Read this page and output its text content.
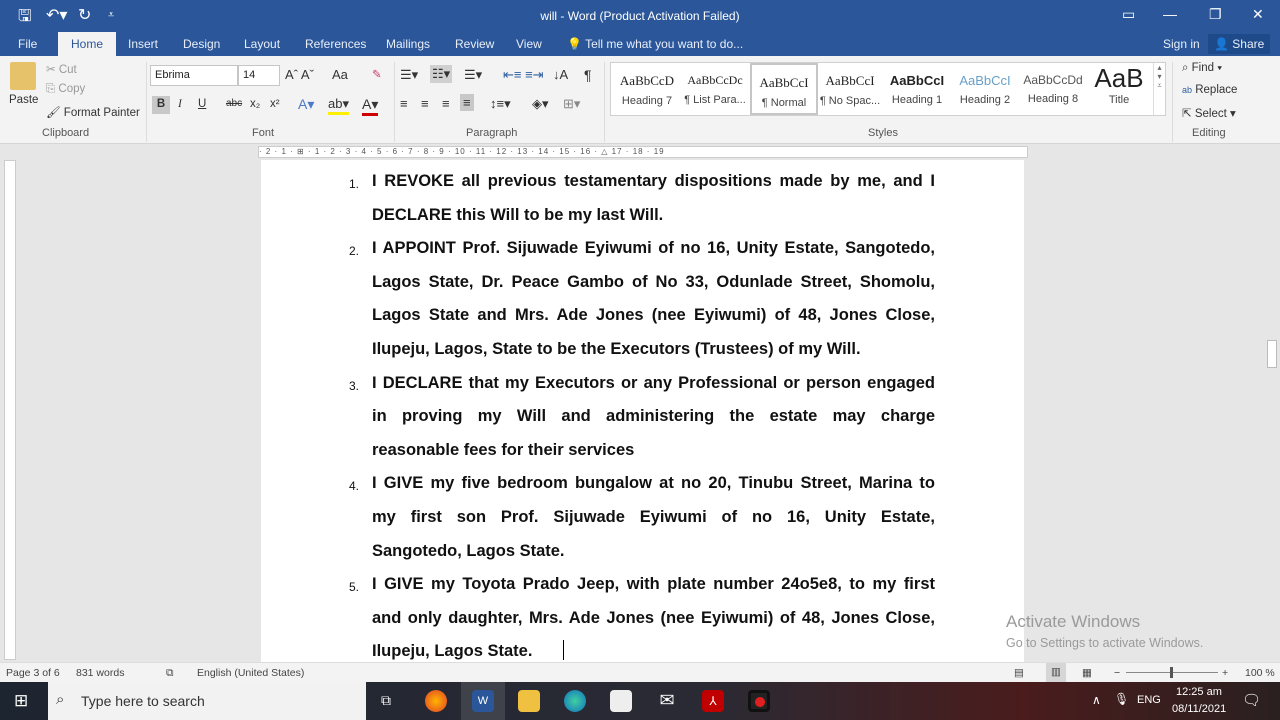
🖫 ↶▾ ↻ ⩡	will - Word (Product Activation Failed)	▭ — ❐ ✕
File	Home	Insert Design Layout References Mailings Review View 💡 Tell me what you want to do...	Sign in	👤 Share
Paste
✂ Cut
⎘ Copy
🖌 Format Painter
Clipboard
Ebrima	14	Aˆ Aˇ Aa ✎
B	I U abc x₂ x² A▾ ab▾ A▾
Font
☰▾ ☷▾ ☰▾ ⇤≡ ≡⇥ ↓A ¶
≡ ≡ ≡ ≡ ↕≡▾ ◈▾ ⊞▾
Paragraph	Styles
⌕ Find ▾
ab Replace
⇱ Select ▾
Editing
AaBbCcD
Heading 7
AaBbCcDc
¶ List Para...
AaBbCcI
¶ Normal
AaBbCcI
¶ No Spac...
AaBbCcI
Heading 1
AaBbCcI
Heading 2
AaBbCcDd
Heading 8
AaB
Title
▴
▾
⩡
· 2 · 1 · ⊞ · 1 · 2 · 3 · 4 · 5 · 6 · 7 · 8 · 9 · 10 · 11 · 12 · 13 · 14 · 15 · 16 · △ 17 · 18 · 19
1. I REVOKE all previous testamentary dispositions made by me, and I
DECLARE this Will to be my last Will.
2. I APPOINT Prof. Sijuwade Eyiwumi of no 16, Unity Estate, Sangotedo,
Lagos State, Dr. Peace Gambo of No 33, Odunlade Street, Shomolu,
Lagos State and Mrs. Ade Jones (nee Eyiwumi) of 48, Jones Close,
Ilupeju, Lagos, State to be the Executors (Trustees) of my Will.
3. I DECLARE that my Executors or any Professional or person engaged
in proving my Will and administering the estate may charge
reasonable fees for their services
4. I GIVE my five bedroom bungalow at no 20, Tinubu Street, Marina to
my first son Prof. Sijuwade Eyiwumi of no 16, Unity Estate,
Sangotedo, Lagos State.
5. I GIVE my Toyota Prado Jeep, with plate number 24o5e8, to my first
and only daughter, Mrs. Ade Jones (nee Eyiwumi) of 48, Jones Close,
Ilupeju, Lagos State.
Activate Windows
Go to Settings to activate Windows.
Page 3 of 6 831 words	⧉ English (United States)	▤	▥	▦ −	+ 100 %
⊞ ⌕ Type here to search	⧉	W	✉	⅄	∧ 🎙 ENG
12:25 am
08/11/2021 🗨
